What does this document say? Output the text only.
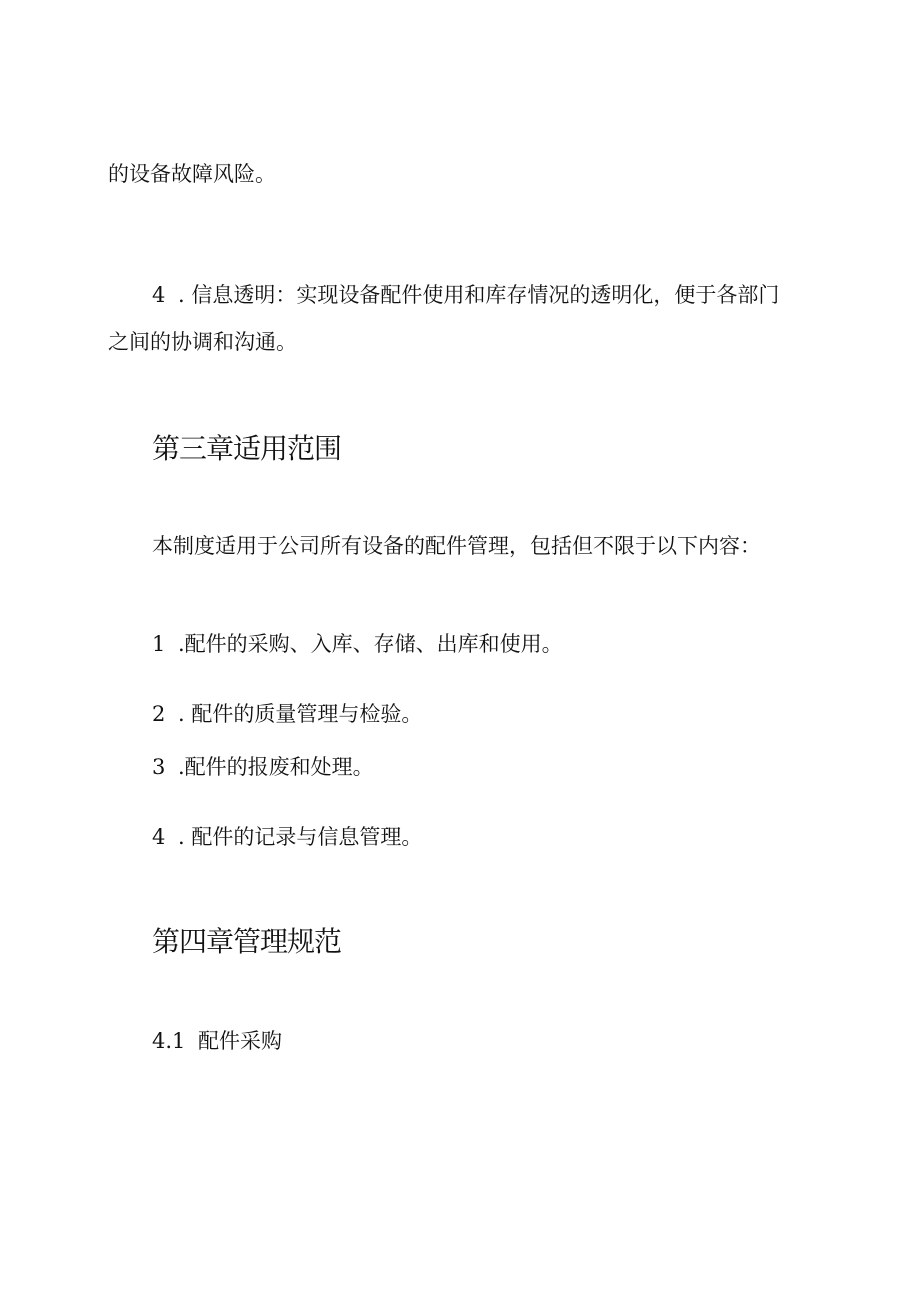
的设备故障风险。
4 . 信息透明：实现设备配件使用和库存情况的透明化，便于各部门
之间的协调和沟通。
第三章适用范围
本制度适用于公司所有设备的配件管理，包括但不限于以下内容：
1 .配件的采购、入库、存储、出库和使用。
2 . 配件的质量管理与检验。
3 .配件的报废和处理。
4 . 配件的记录与信息管理。
第四章管理规范
4.1 配件采购
